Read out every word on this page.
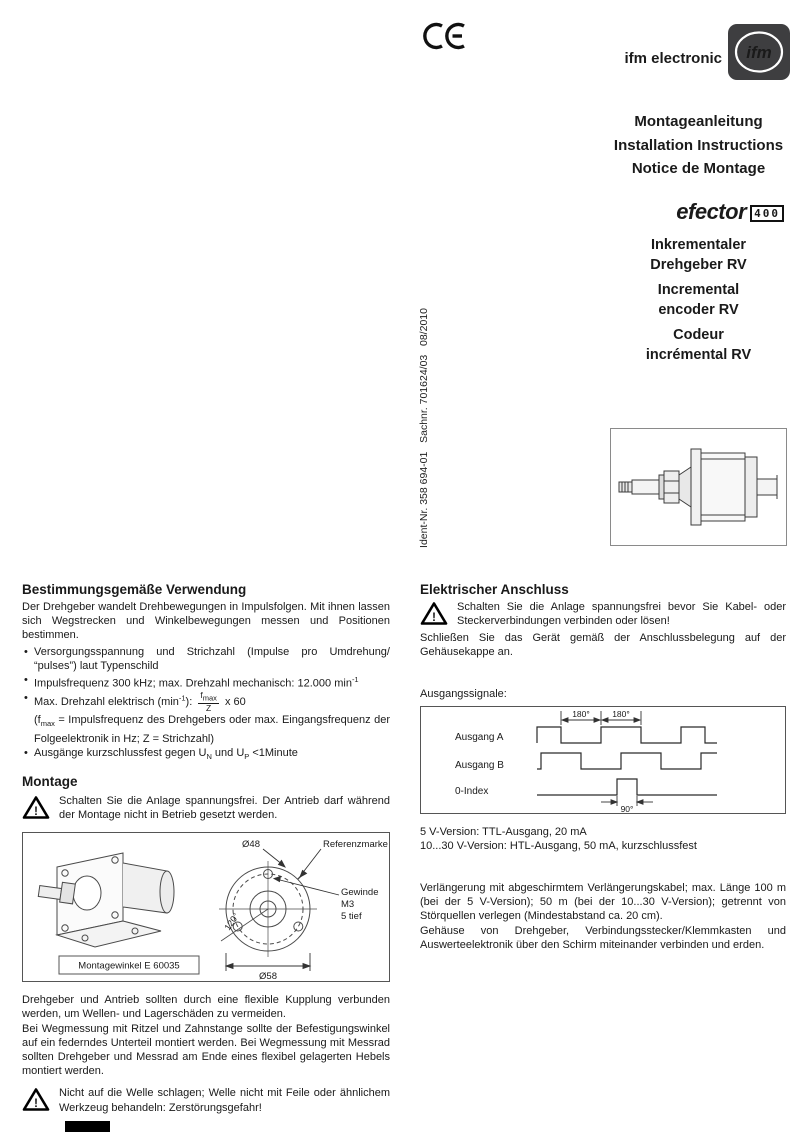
ifm electronic ifm
Montageanleitung
Installation Instructions
Notice de Montage
efector 400
Inkrementaler
Drehgeber RV
Incremental
encoder RV
Codeur
incrémental RV
Ident-Nr. 358 694-01   Sachnr. 701624/03   08/2010
Bestimmungsgemäße Verwendung
Der Drehgeber wandelt Drehbewegungen in Impulsfolgen. Mit ihnen lassen sich Wegstrecken und Winkelbewegungen messen und Positionen bestimmen.
• Versorgungsspannung und Strichzahl (Impulse pro Umdrehung/ “pulses”) laut Typenschild
• Impulsfrequenz 300 kHz; max. Drehzahl mechanisch: 12.000 $\min^{-1}$
• Max. Drehzahl elektrisch $(\min^{-1})$: $\frac{f_{max}}{Z}$ x 60
($f_{max}$ = Impulsfrequenz des Drehgebers oder max. Eingangsfrequenz der Folgeelektronik in Hz; Z = Strichzahl)
• Ausgänge kurzschlussfest gegen $U_N$ und $U_P$ <1Minute
Montage
!
Schalten Sie die Anlage spannungsfrei. Der Antrieb darf während der Montage nicht in Betrieb gesetzt werden.
Ø48	Referenzmarke
Gewinde
M3
5 tief
120°
Ø58
Montagewinkel E 60035
Drehgeber und Antrieb sollten durch eine flexible Kupplung verbunden werden, um Wellen- und Lagerschäden zu vermeiden.
Bei Wegmessung mit Ritzel und Zahnstange sollte der Befestigungswinkel auf ein federndes Unterteil montiert werden. Bei Wegmessung mit Messrad sollten Drehgeber und Messrad am Ende eines flexibel gelagerten Hebels montiert werden.
!
Nicht auf die Welle schlagen; Welle nicht mit Feile oder ähnlichem Werkzeug behandeln: Zerstörungsgefahr!
Elektrischer Anschluss
!
Schalten Sie die Anlage spannungsfrei bevor Sie Kabel- oder Steckerverbindungen verbinden oder lösen!
Schließen Sie das Gerät gemäß der Anschlussbelegung auf der Gehäusekappe an.
Ausgangssignale:
180°	180°
Ausgang A
Ausgang B
0-Index
90°
5 V-Version: TTL-Ausgang, 20 mA
10...30 V-Version: HTL-Ausgang, 50 mA, kurzschlussfest
Verlängerung mit abgeschirmtem Verlängerungskabel; max. Länge 100 m (bei der 5 V-Version); 50 m (bei der 10...30 V-Version); getrennt von Störquellen verlegen (Mindestabstand ca. 20 cm).
Gehäuse von Drehgeber, Verbindungsstecker/Klemmkasten und Auswerteelektronik über den Schirm miteinander verbinden und erden.
